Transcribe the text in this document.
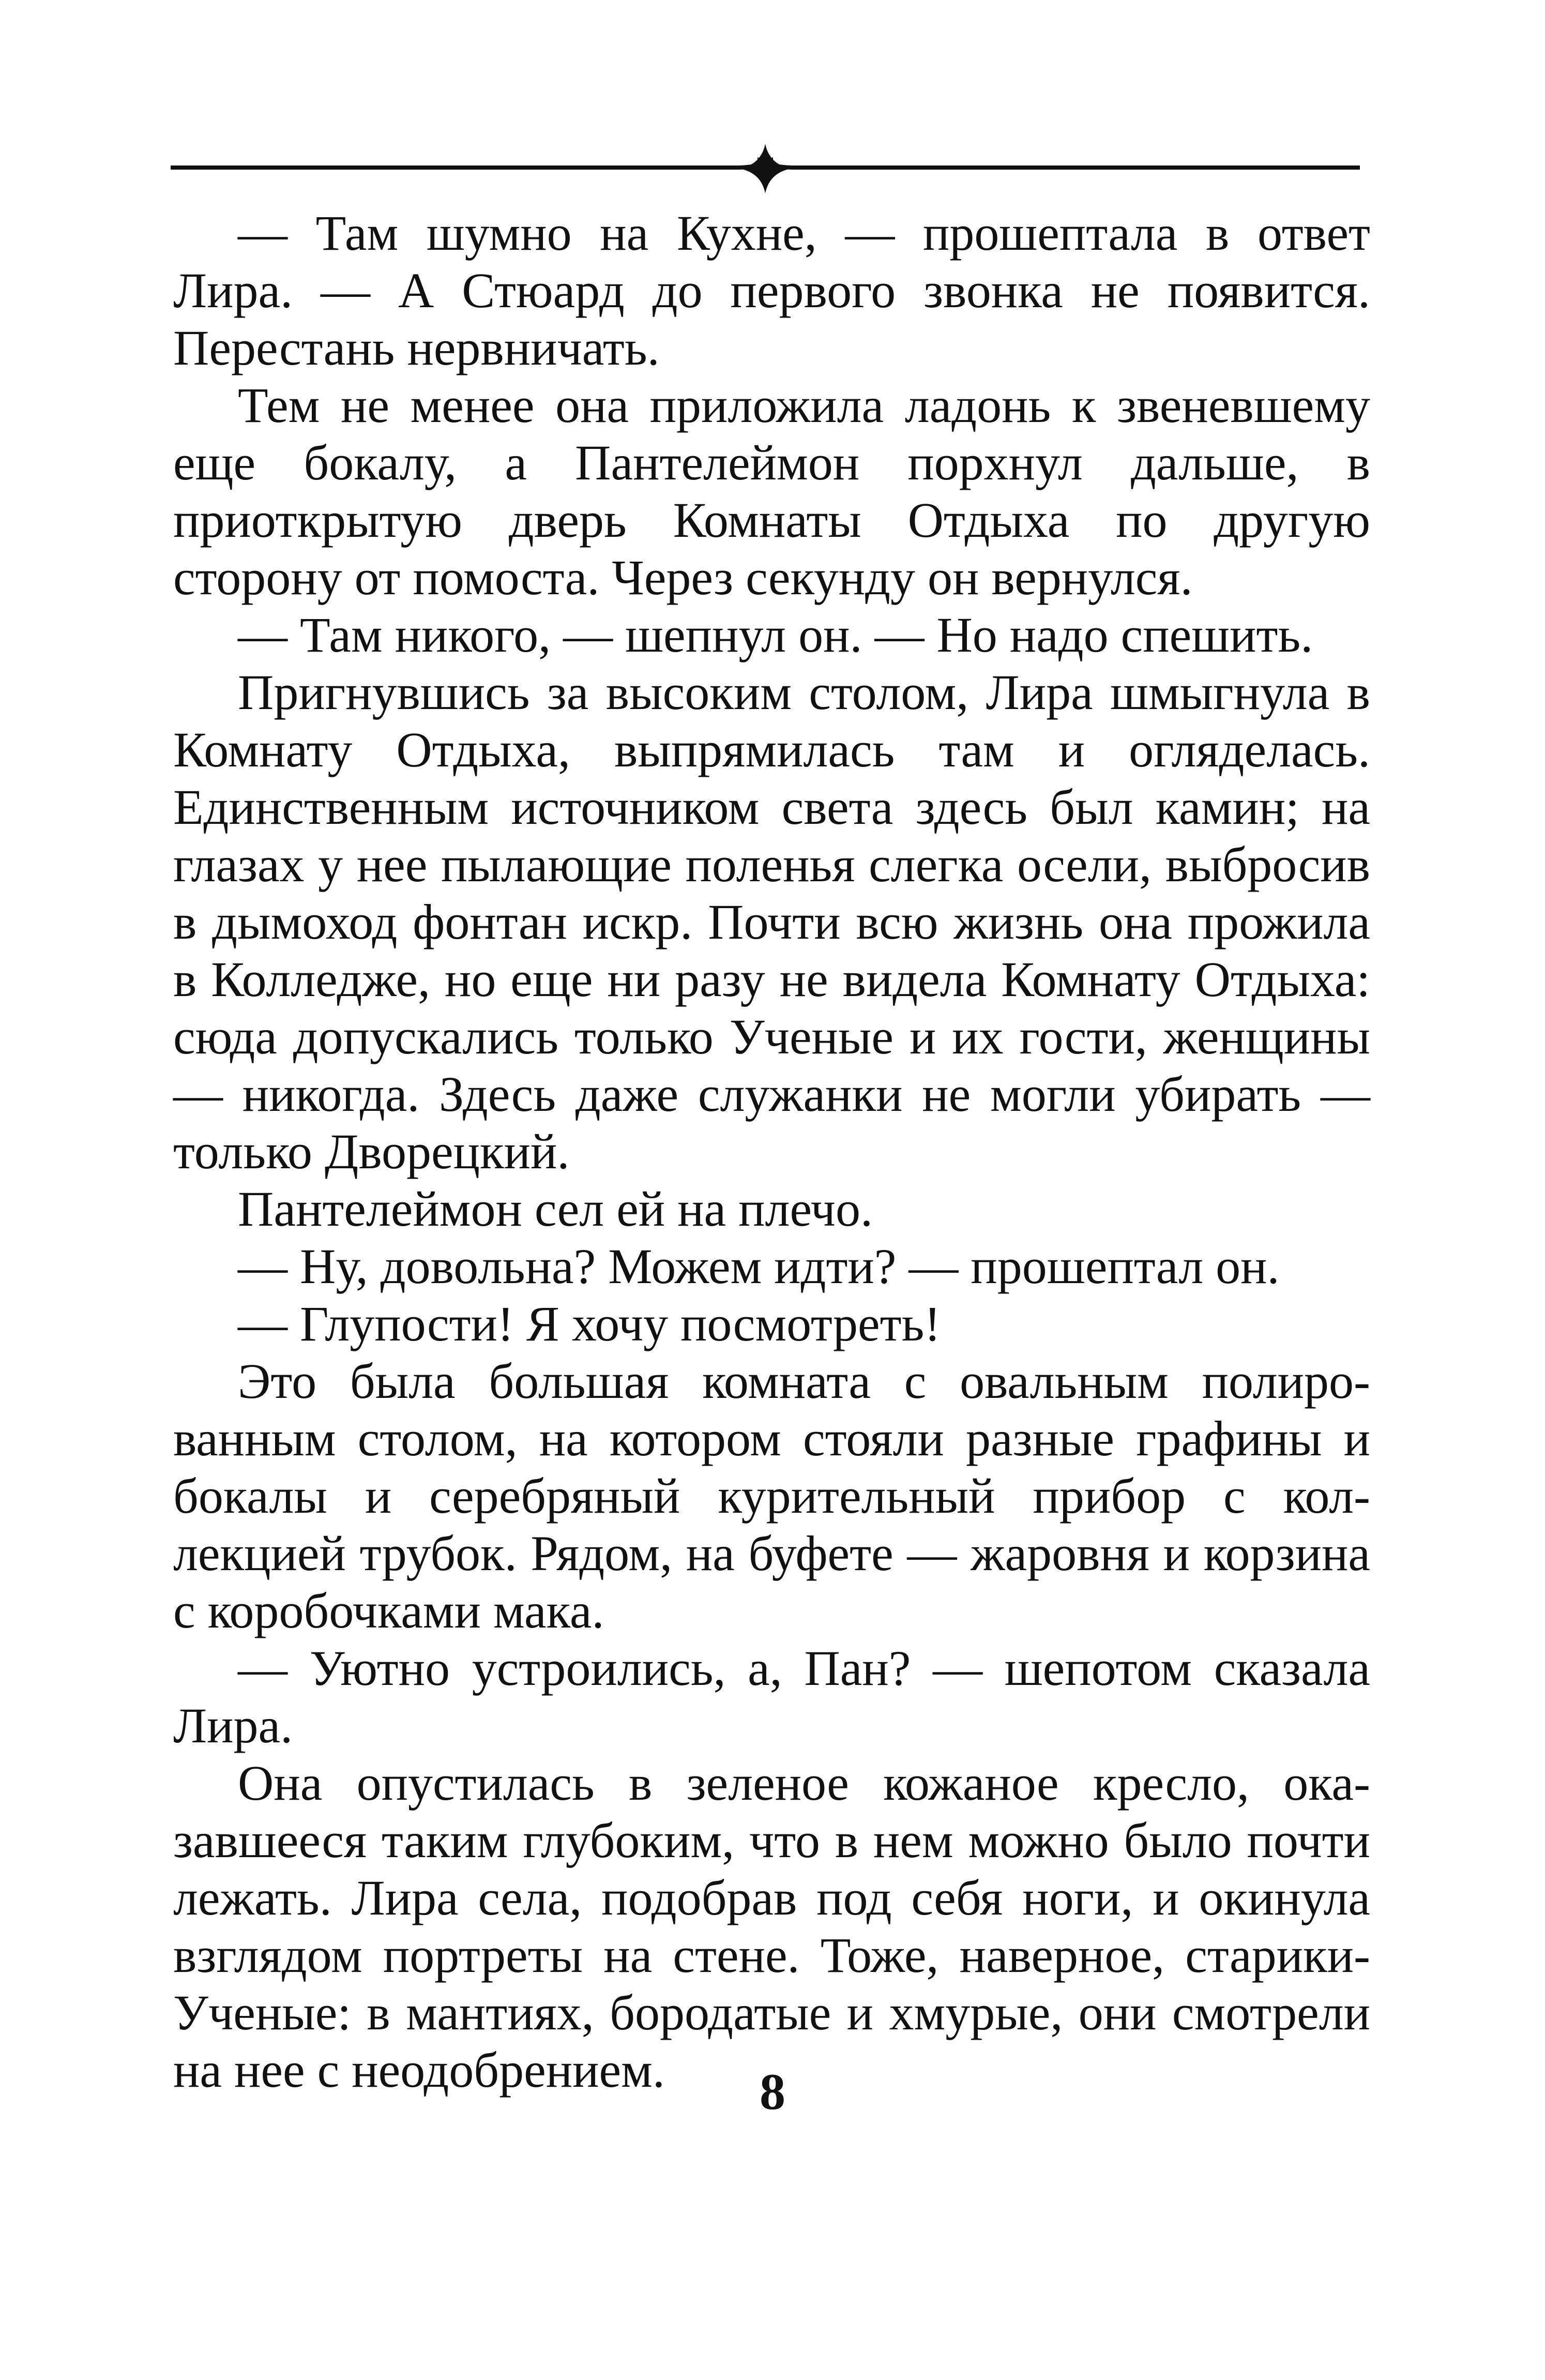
— Там шумно на Кухне, — прошептала в ответ Лира. — А Стюард до первого звонка не появится. Перестань нервничать.

Тем не менее она приложила ладонь к звеневшему еще бокалу, а Пантелеймон порхнул дальше, в приоткрытую дверь Комнаты Отдыха по другую сторону от помоста. Через секунду он вернулся.

— Там никого, — шепнул он. — Но надо спешить.

Пригнувшись за высоким столом, Лира шмыгнула в Комнату Отдыха, выпрямилась там и огляделась. Единственным источником света здесь был камин; на глазах у нее пылающие поленья слегка осели, выбросив в дымоход фонтан искр. Почти всю жизнь она прожила в Колледже, но еще ни разу не видела Комнату Отдыха: сюда допускались только Ученые и их гости, женщины — никогда. Здесь даже служанки не могли убирать — только Дворецкий.

Пантелеймон сел ей на плечо.

— Ну, довольна? Можем идти? — прошептал он.

— Глупости! Я хочу посмотреть!

Это была большая комната с овальным полированным столом, на котором стояли разные графины и бокалы и серебряный курительный прибор с коллекцией трубок. Рядом, на буфете — жаровня и корзина с коробочками мака.

— Уютно устроились, а, Пан? — шепотом сказала Лира.

Она опустилась в зеленое кожаное кресло, оказавшееся таким глубоким, что в нем можно было почти лежать. Лира села, подобрав под себя ноги, и окинула взглядом портреты на стене. Тоже, наверное, старики-Ученые: в мантиях, бородатые и хмурые, они смотрели на нее с неодобрением.	8
